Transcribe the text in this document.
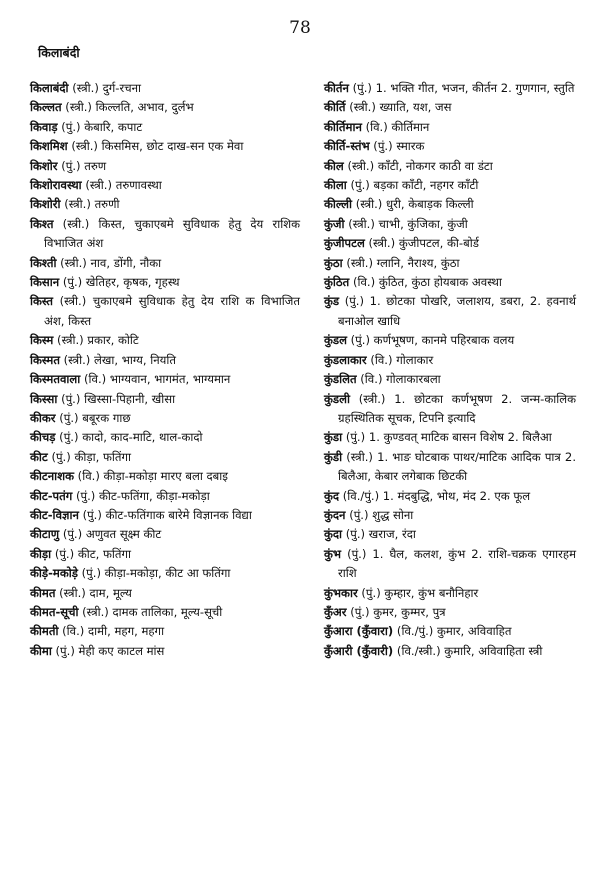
78
किलाबंदी
किलाबंदी (स्त्री.) दुर्ग-रचना
किल्लत (स्त्री.) किल्लति, अभाव, दुर्लभ
किवाड़ (पुं.) केबारि, कपाट
किशमिश (स्त्री.) किसमिस, छोट दाख-सन एक मेवा
किशोर (पुं.) तरुण
किशोरावस्था (स्त्री.) तरुणावस्था
किशोरी (स्त्री.) तरुणी
किश्त (स्त्री.) किस्त, चुकाएबमे सुविधाक हेतु देय राशिक विभाजित अंश
किश्ती (स्त्री.) नाव, डोंगी, नौका
किसान (पुं.) खेतिहर, कृषक, गृहस्थ
किस्त (स्त्री.) चुकाएबमे सुविधाक हेतु देय राशि क विभाजित अंश, किस्त
किस्म (स्त्री.) प्रकार, कोटि
किस्मत (स्त्री.) लेखा, भाग्य, नियति
किस्मतवाला (वि.) भाग्यवान, भागमंत, भाग्यमान
किस्सा (पुं.) खिस्सा-पिहानी, खीसा
कीकर (पुं.) बबूरक गाछ
कीचड़ (पुं.) कादो, काद-माटि, थाल-कादो
कीट (पुं.) कीड़ा, फतिंगा
कीटनाशक (वि.) कीड़ा-मकोड़ा मारए बला दबाइ
कीट-पतंग (पुं.) कीट-फतिंगा, कीड़ा-मकोड़ा
कीट-विज्ञान (पुं.) कीट-फतिंगाक बारेमे विज्ञानक विद्या
कीटाणु (पुं.) अणुवत सूक्ष्म कीट
कीड़ा (पुं.) कीट, फतिंगा
कीड़े-मकोड़े (पुं.) कीड़ा-मकोड़ा, कीट आ फतिंगा
कीमत (स्त्री.) दाम, मूल्य
कीमत-सूची (स्त्री.) दामक तालिका, मूल्य-सूची
कीमती (वि.) दामी, महग, महगा
कीमा (पुं.) मेही कए काटल मांस
कीर्तन (पुं.) 1. भक्ति गीत, भजन, कीर्तन 2. गुणगान, स्तुति
कीर्ति (स्त्री.) ख्याति, यश, जस
कीर्तिमान (वि.) कीर्तिमान
कीर्ति-स्तंभ (पुं.) स्मारक
कील (स्त्री.) काँटी, नोकगर काठी वा डंटा
कीला (पुं.) बड़का काँटी, नहगर काँटी
कील्ली (स्त्री.) धुरी, केबाड़क किल्ली
कुंजी (स्त्री.) चाभी, कुंजिका, कुंजी
कुंजीपटल (स्त्री.) कुंजीपटल, की-बोर्ड
कुंठा (स्त्री.) ग्लानि, नैराश्य, कुंठा
कुंठित (वि.) कुंठित, कुंठा होयबाक अवस्था
कुंड (पुं.) 1. छोटका पोखरि, जलाशय, डबरा, 2. हवनार्थ बनाओल खाधि
कुंडल (पुं.) कर्णभूषण, कानमे पहिरबाक वलय
कुंडलाकार (वि.) गोलाकार
कुंडलित (वि.) गोलाकारबला
कुंडली (स्त्री.) 1. छोटका कर्णभूषण 2. जन्म-कालिक ग्रहस्थितिक सूचक, टिपनि इत्यादि
कुंडा (पुं.) 1. कुण्डवत् माटिक बासन विशेष 2. बिलैआ
कुंडी (स्त्री.) 1. भाङ घोटबाक पाथर/माटिक आदिक पात्र 2. बिलैआ, केबार लगेबाक छिटकी
कुंद (वि./पुं.) 1. मंदबुद्धि, भोथ, मंद 2. एक फूल
कुंदन (पुं.) शुद्ध सोना
कुंदा (पुं.) खराज, रंदा
कुंभ (पुं.) 1. घैल, कलश, कुंभ 2. राशि-चक्रक एगारहम राशि
कुंभकार (पुं.) कुम्हार, कुंभ बनौनिहार
कुँअर (पुं.) कुमर, कुम्मर, पुत्र
कुँआरा (कुँवारा) (वि./पुं.) कुमार, अविवाहित
कुँआरी (कुँवारी) (वि./स्त्री.) कुमारि, अविवाहिता स्त्री
